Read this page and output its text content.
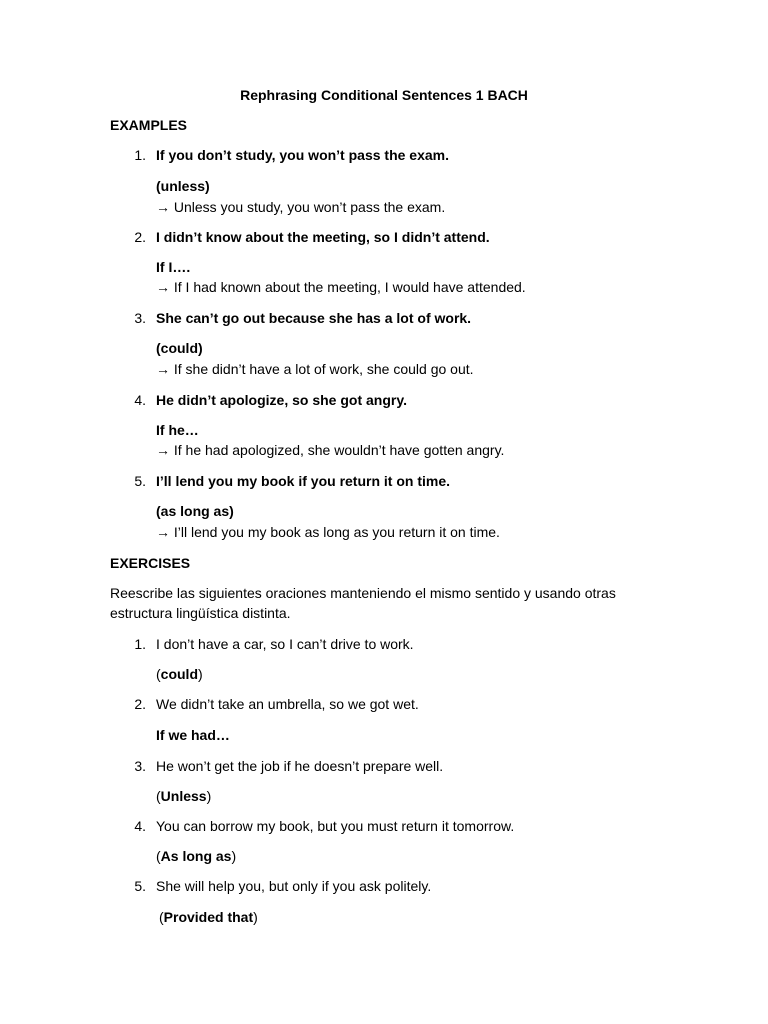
Rephrasing Conditional Sentences 1 BACH
EXAMPLES
1. If you don’t study, you won’t pass the exam.
(unless)
→ Unless you study, you won’t pass the exam.
2. I didn’t know about the meeting, so I didn’t attend.
If I….
→ If I had known about the meeting, I would have attended.
3. She can’t go out because she has a lot of work.
(could)
→ If she didn’t have a lot of work, she could go out.
4. He didn’t apologize, so she got angry.
If he…
→ If he had apologized, she wouldn’t have gotten angry.
5. I’ll lend you my book if you return it on time.
(as long as)
→ I’ll lend you my book as long as you return it on time.
EXERCISES
Reescribe las siguientes oraciones manteniendo el mismo sentido y usando otras
estructura lingüística distinta.
1. I don’t have a car, so I can’t drive to work.
(could)
2. We didn’t take an umbrella, so we got wet.
If we had…
3. He won’t get the job if he doesn’t prepare well.
(Unless)
4. You can borrow my book, but you must return it tomorrow.
(As long as)
5. She will help you, but only if you ask politely.
(Provided that)
